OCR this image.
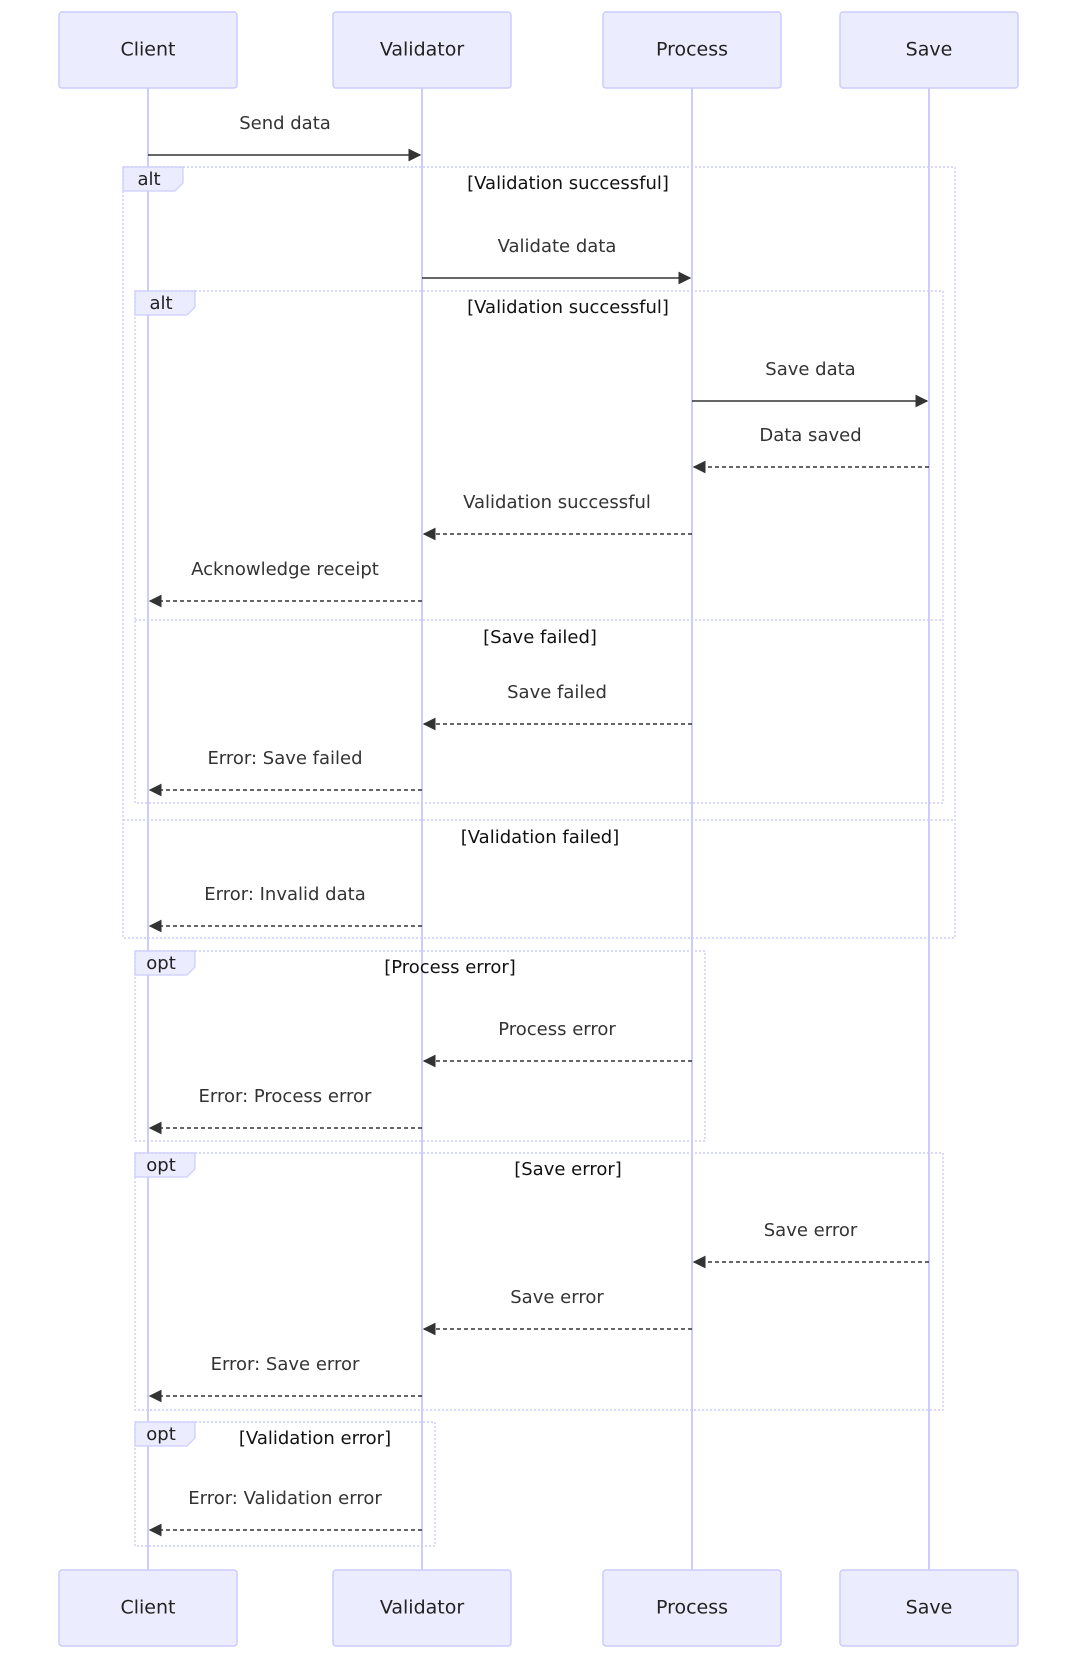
alt	[Validation successful]
[Validation failed]
alt	[Validation successful]
[Save failed]
opt	[Process error]
opt	[Save error]
opt	[Validation error]
Send data
Validate data
Save data
Data saved
Validation successful
Acknowledge receipt
Save failed
Error: Save failed
Error: Invalid data
Process error
Error: Process error
Save error
Save error
Error: Save error
Error: Validation error
Client	Validator	Process	Save
Client	Validator	Process	Save
